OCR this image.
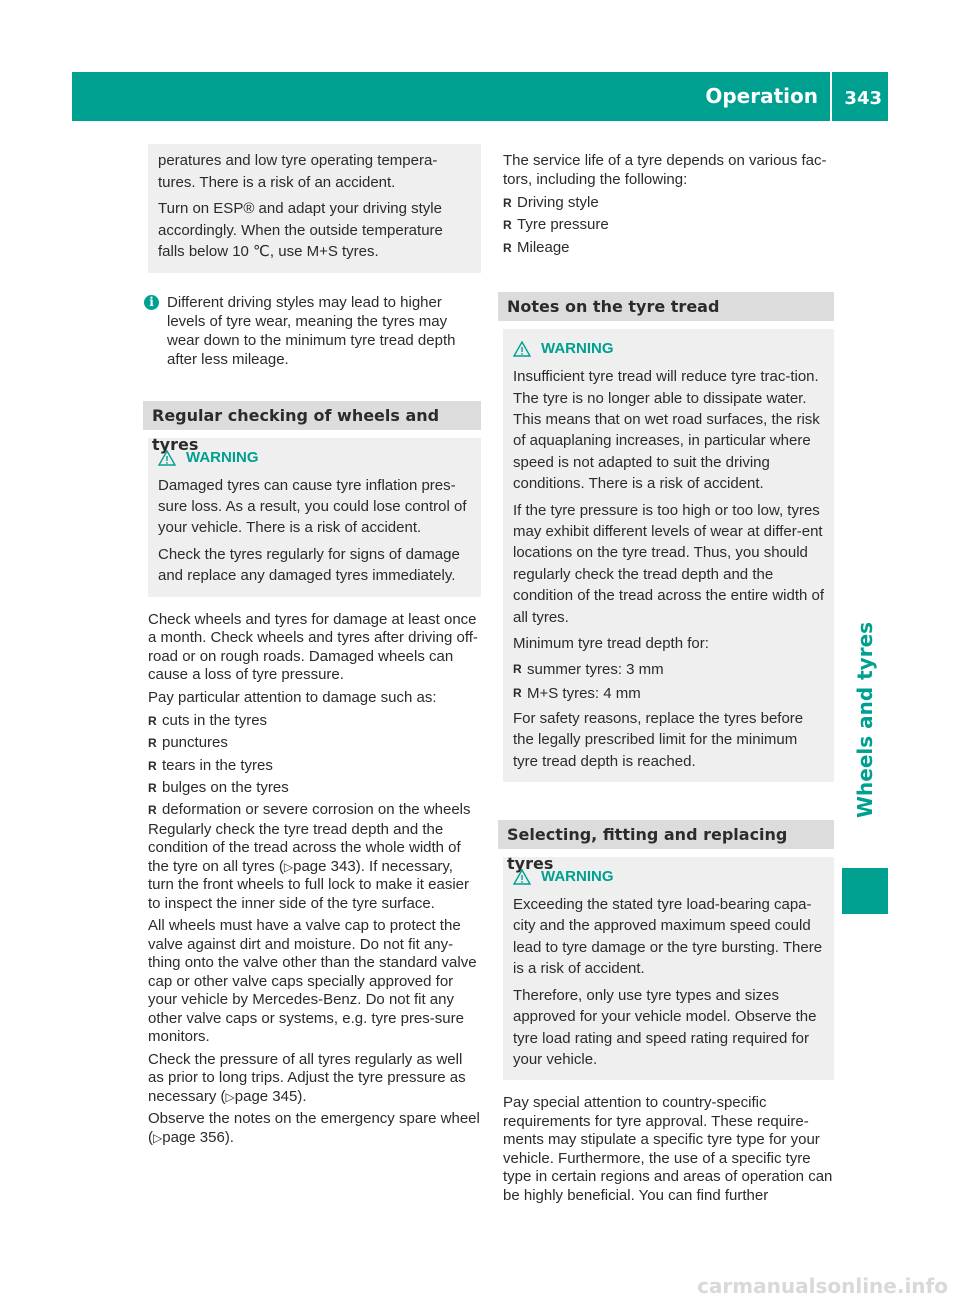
Operation 343
Wheels and tyres

peratures and low tyre operating tempera-tures. There is a risk of an accident.

Turn on ESP® and adapt your driving style accordingly. When the outside temperature falls below 10 ℃, use M+S tyres.

i Different driving styles may lead to higher levels of tyre wear, meaning the tyres may wear down to the minimum tyre tread depth after less mileage.
Regular checking of wheels and tyres
WARNING

Damaged tyres can cause tyre inflation pres-sure loss. As a result, you could lose control of your vehicle. There is a risk of accident.

Check the tyres regularly for signs of damage and replace any damaged tyres immediately.

Check wheels and tyres for damage at least once a month. Check wheels and tyres after driving off-road or on rough roads. Damaged wheels can cause a loss of tyre pressure.

Pay particular attention to damage such as:

R cuts in the tyres
R punctures
R tears in the tyres
R bulges on the tyres
R deformation or severe corrosion on the wheels

Regularly check the tyre tread depth and the condition of the tread across the whole width of the tyre on all tyres (▷page 343). If necessary, turn the front wheels to full lock to make it easier to inspect the inner side of the tyre surface.

All wheels must have a valve cap to protect the valve against dirt and moisture. Do not fit any-thing onto the valve other than the standard valve cap or other valve caps specially approved for your vehicle by Mercedes-Benz. Do not fit any other valve caps or systems, e.g. tyre pres-sure monitors.

Check the pressure of all tyres regularly as well as prior to long trips. Adjust the tyre pressure as necessary (▷page 345).

Observe the notes on the emergency spare wheel (▷page 356).

The service life of a tyre depends on various fac-tors, including the following:

R Driving style
R Tyre pressure
R Mileage
Notes on the tyre tread
WARNING

Insufficient tyre tread will reduce tyre trac-tion. The tyre is no longer able to dissipate water. This means that on wet road surfaces, the risk of aquaplaning increases, in particular where speed is not adapted to suit the driving conditions. There is a risk of accident.

If the tyre pressure is too high or too low, tyres may exhibit different levels of wear at differ-ent locations on the tyre tread. Thus, you should regularly check the tread depth and the condition of the tread across the entire width of all tyres.

Minimum tyre tread depth for:

R summer tyres: 3 mm
R M+S tyres: 4 mm

For safety reasons, replace the tyres before the legally prescribed limit for the minimum tyre tread depth is reached.

Selecting, fitting and replacing tyres
WARNING

Exceeding the stated tyre load-bearing capa-city and the approved maximum speed could lead to tyre damage or the tyre bursting. There is a risk of accident.

Therefore, only use tyre types and sizes approved for your vehicle model. Observe the tyre load rating and speed rating required for your vehicle.

Pay special attention to country-specific requirements for tyre approval. These require-ments may stipulate a specific tyre type for your vehicle. Furthermore, the use of a specific tyre type in certain regions and areas of operation can be highly beneficial. You can find further

carmanualsonline.info
